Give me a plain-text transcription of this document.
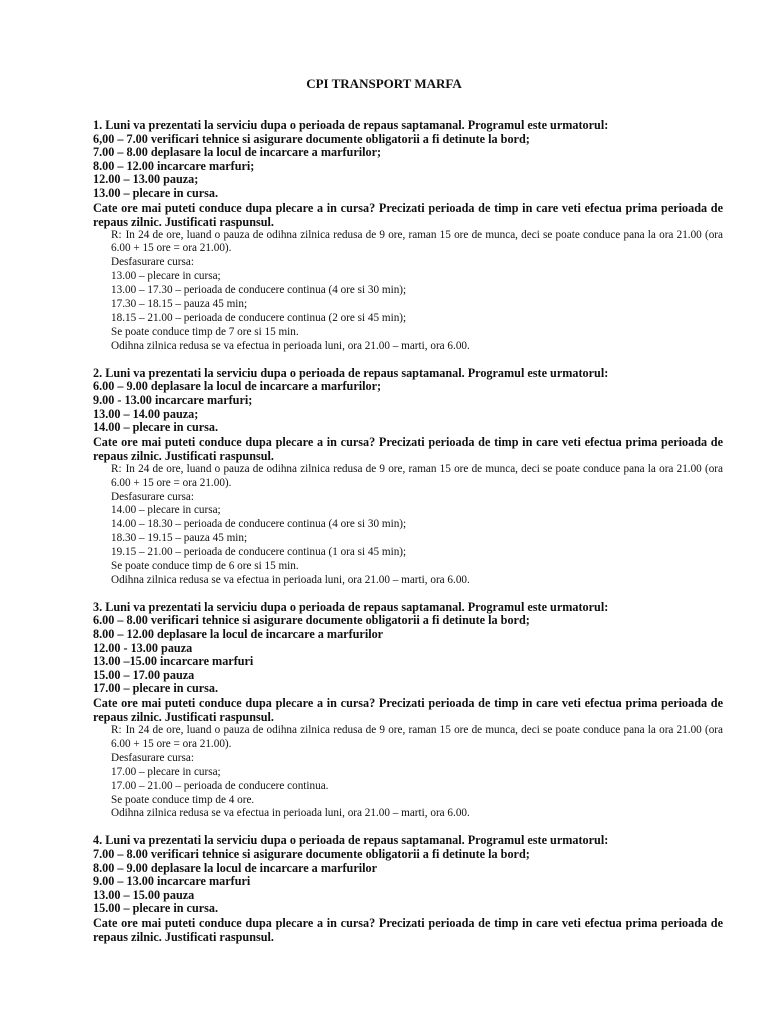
CPI TRANSPORT MARFA
1. Luni va prezentati la serviciu dupa o perioada de repaus saptamanal. Programul este urmatorul:
6,00 – 7.00 verificari tehnice si asigurare documente obligatorii a fi detinute la bord;
7.00 – 8.00 deplasare la locul de incarcare a marfurilor;
8.00 – 12.00 incarcare marfuri;
12.00 – 13.00 pauza;
13.00 – plecare in cursa.
Cate ore mai puteti conduce dupa plecare a in cursa? Precizati perioada de timp in care veti efectua prima perioada de repaus zilnic. Justificati raspunsul.
R: In 24 de ore, luand o pauza de odihna zilnica redusa de 9 ore, raman 15 ore de munca, deci se poate conduce pana la ora 21.00 (ora 6.00 + 15 ore = ora 21.00).
Desfasurare cursa:
13.00 – plecare in cursa;
13.00 – 17.30 – perioada de conducere continua (4 ore si 30 min);
17.30 – 18.15 – pauza 45 min;
18.15 – 21.00 – perioada de conducere continua (2 ore si 45 min);
Se poate conduce timp de 7 ore si 15 min.
Odihna zilnica redusa se va efectua in perioada luni, ora 21.00 – marti, ora 6.00.
2. Luni va prezentati la serviciu dupa o perioada de repaus saptamanal. Programul este urmatorul:
6.00 – 9.00 deplasare la locul de incarcare a marfurilor;
9.00 - 13.00 incarcare marfuri;
13.00 – 14.00 pauza;
14.00 – plecare in cursa.
Cate ore mai puteti conduce dupa plecare a in cursa? Precizati perioada de timp in care veti efectua prima perioada de repaus zilnic. Justificati raspunsul.
R: In 24 de ore, luand o pauza de odihna zilnica redusa de 9 ore, raman 15 ore de munca, deci se poate conduce pana la ora 21.00 (ora 6.00 + 15 ore = ora 21.00).
Desfasurare cursa:
14.00 – plecare in cursa;
14.00 – 18.30 – perioada de conducere continua (4 ore si 30 min);
18.30 – 19.15 – pauza 45 min;
19.15 – 21.00 – perioada de conducere continua (1 ora si 45 min);
Se poate conduce timp de 6 ore si 15 min.
Odihna zilnica redusa se va efectua in perioada luni, ora 21.00 – marti, ora 6.00.
3. Luni va prezentati la serviciu dupa o perioada de repaus saptamanal. Programul este urmatorul:
6.00 – 8.00 verificari tehnice si asigurare documente obligatorii a fi detinute la bord;
8.00 – 12.00 deplasare la locul de incarcare a marfurilor
12.00 - 13.00 pauza
13.00 –15.00 incarcare marfuri
15.00 – 17.00 pauza
17.00 – plecare in cursa.
Cate ore mai puteti conduce dupa plecare a in cursa? Precizati perioada de timp in care veti efectua prima perioada de repaus zilnic. Justificati raspunsul.
R: In 24 de ore, luand o pauza de odihna zilnica redusa de 9 ore, raman 15 ore de munca, deci se poate conduce pana la ora 21.00 (ora 6.00 + 15 ore = ora 21.00).
Desfasurare cursa:
17.00 – plecare in cursa;
17.00 – 21.00 – perioada de conducere continua.
Se poate conduce timp de 4 ore.
Odihna zilnica redusa se va efectua in perioada luni, ora 21.00 – marti, ora 6.00.
4. Luni va prezentati la serviciu dupa o perioada de repaus saptamanal. Programul este urmatorul:
7.00 – 8.00 verificari tehnice si asigurare documente obligatorii a fi detinute la bord;
8.00 – 9.00 deplasare la locul de incarcare a marfurilor
9.00 – 13.00 incarcare marfuri
13.00 – 15.00 pauza
15.00 – plecare in cursa.
Cate ore mai puteti conduce dupa plecare a in cursa? Precizati perioada de timp in care veti efectua prima perioada de repaus zilnic. Justificati raspunsul.
